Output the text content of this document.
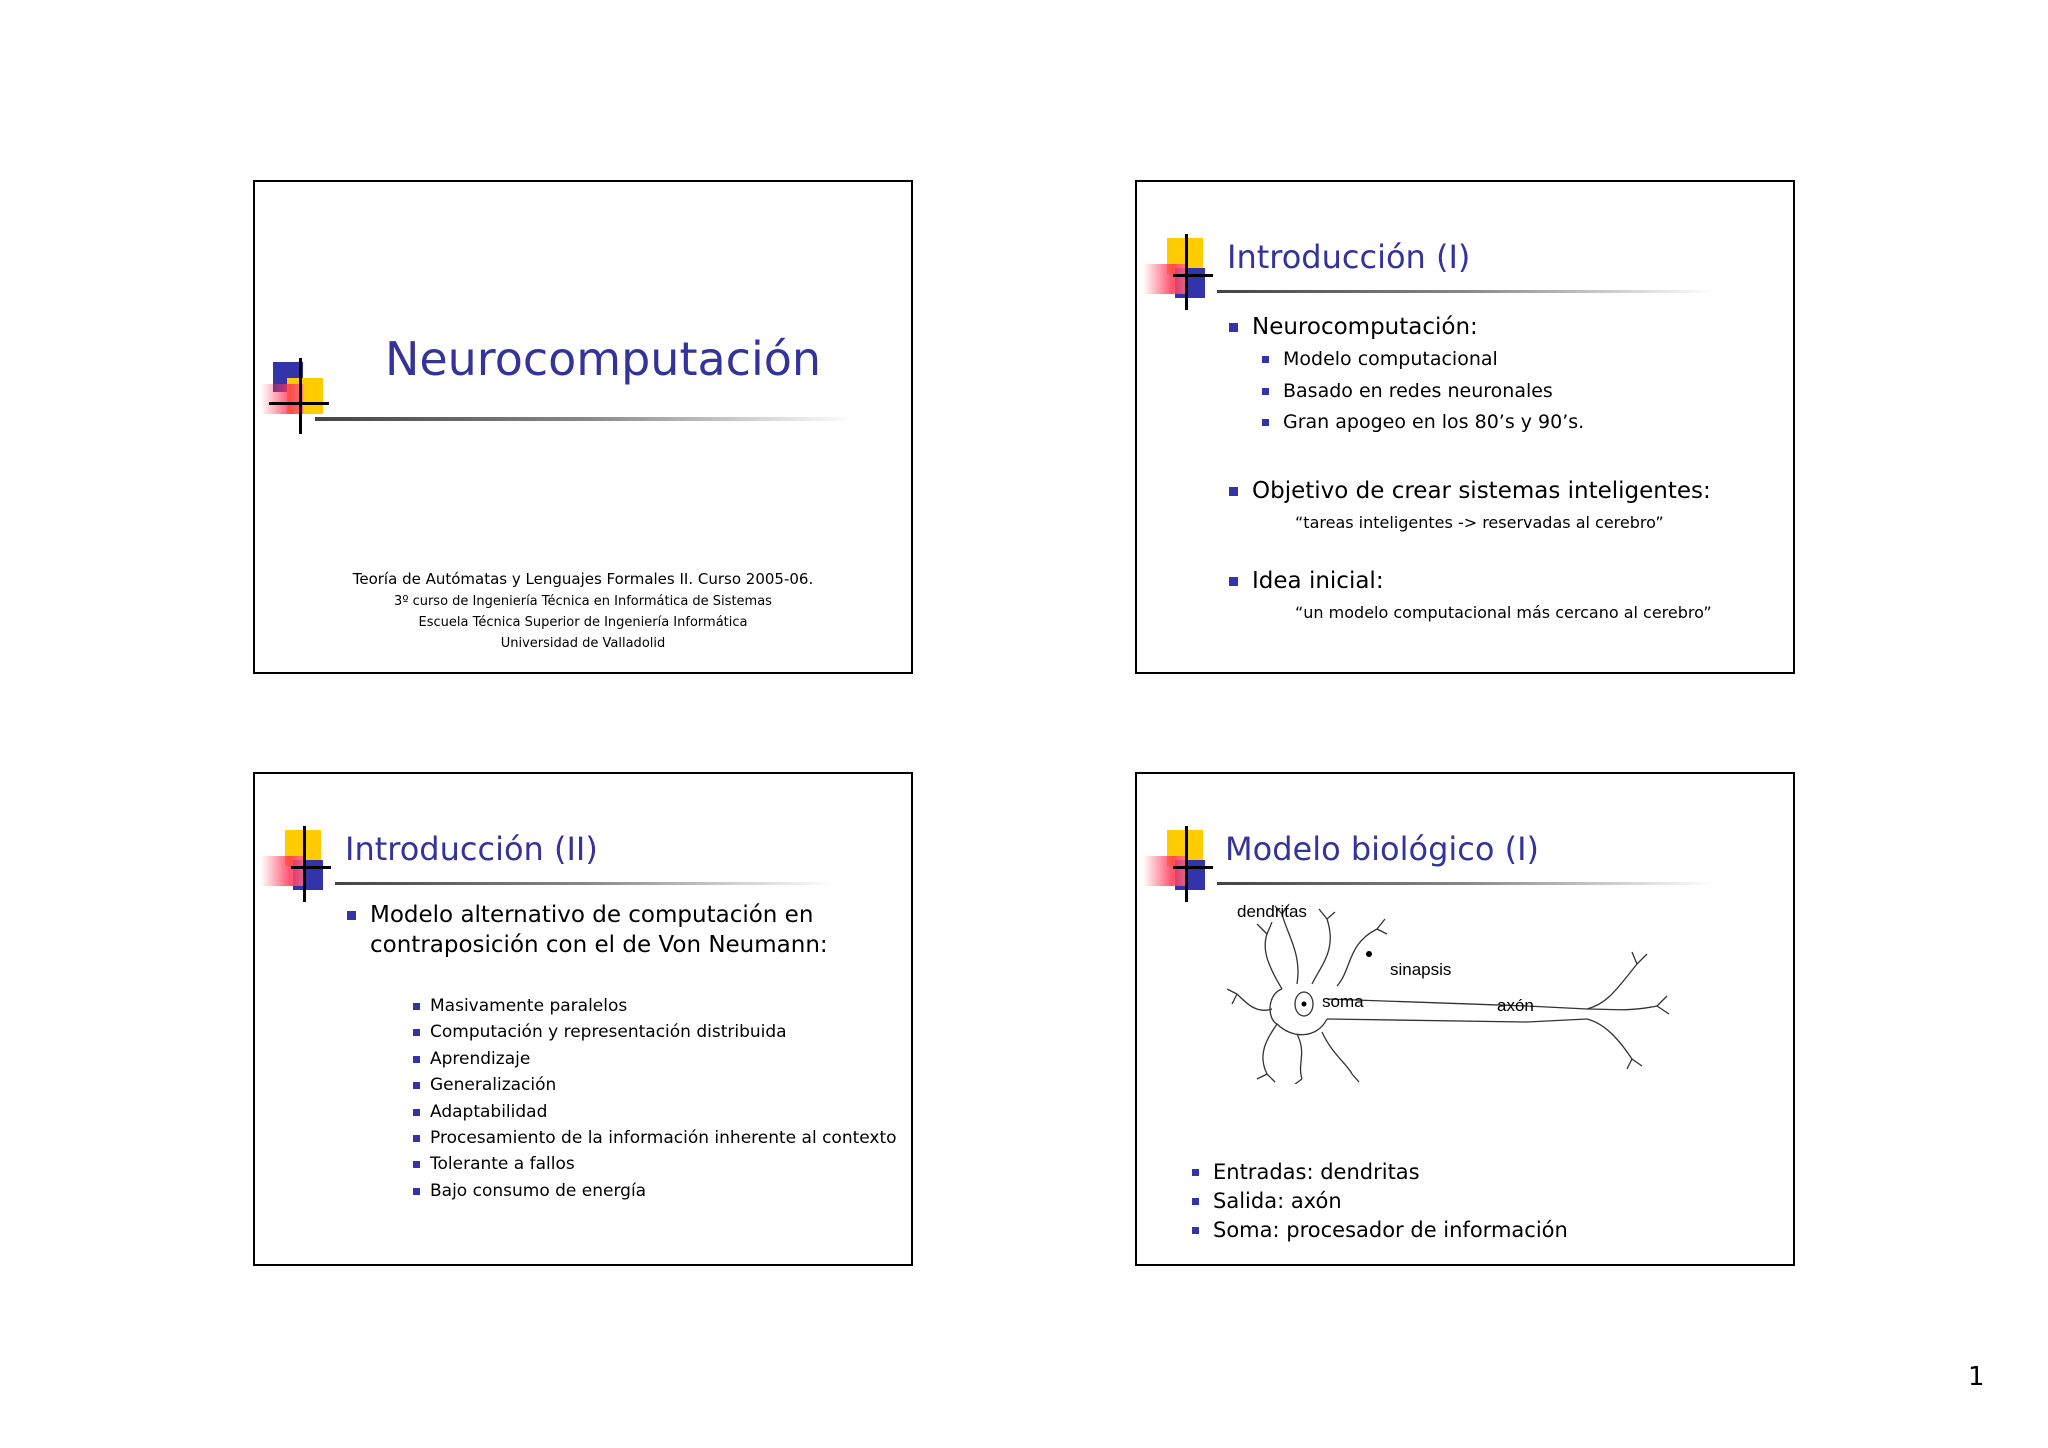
Neurocomputación
Teoría de Autómatas y Lenguajes Formales II. Curso 2005-06.
3º curso de Ingeniería Técnica en Informática de Sistemas
Escuela Técnica Superior de Ingeniería Informática
Universidad de Valladolid
Introducción (I)
Neurocomputación:
Modelo computacional
Basado en redes neuronales
Gran apogeo en los 80’s y 90’s.
Objetivo de crear sistemas inteligentes:
“tareas inteligentes -> reservadas al cerebro”
Idea inicial:
“un modelo computacional más cercano al cerebro”
Introducción (II)
Modelo alternativo de computación en
contraposición con el de Von Neumann:
Masivamente paralelos
Computación y representación distribuida
Aprendizaje
Generalización
Adaptabilidad
Procesamiento de la información inherente al contexto
Tolerante a fallos
Bajo consumo de energía
Modelo biológico (I)
dendritas
sinapsis
soma	axón
Entradas: dendritas
Salida: axón
Soma: procesador de información
1
